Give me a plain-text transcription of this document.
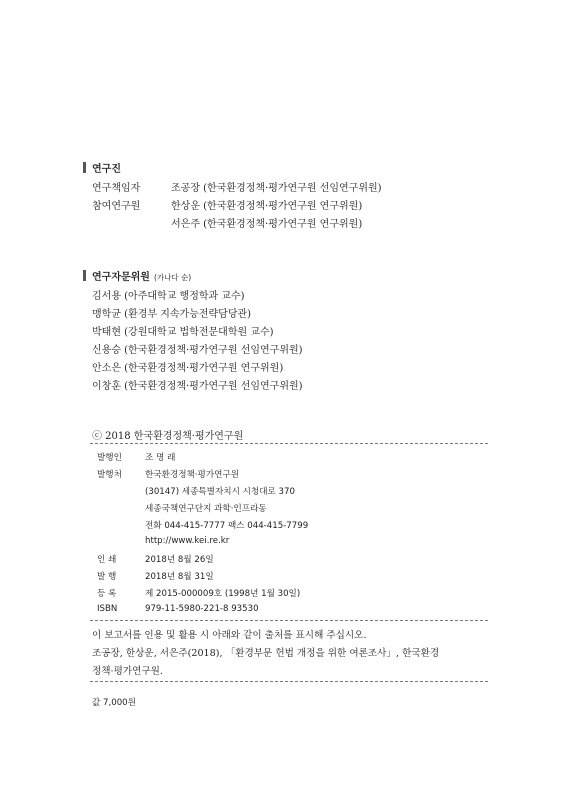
연구진
연구책임자	조공장 (한국환경정책·평가연구원 선임연구위원)
참여연구원	한상운 (한국환경정책·평가연구원 연구위원)
서은주 (한국환경정책·평가연구원 연구위원)
연구자문위원 (가나다 순)
김서용 (아주대학교 행정학과 교수)
맹학균 (환경부 지속가능전략담당관)
박태현 (강원대학교 법학전문대학원 교수)
신용승 (한국환경정책·평가연구원 선임연구위원)
안소은 (한국환경정책·평가연구원 연구위원)
이창훈 (한국환경정책·평가연구원 선임연구위원)
ⓒ 2018 한국환경정책·평가연구원
발행인	조 명 래
발행처	한국환경정책·평가연구원
(30147) 세종특별자치시 시청대로 370
세종국책연구단지 과학·인프라동
전화 044-415-7777 팩스 044-415-7799
http://www.kei.re.kr
인 쇄	2018년 8월 26일
발 행	2018년 8월 31일
등 록	제 2015-000009호 (1998년 1월 30일)
ISBN	979-11-5980-221-8 93530
이 보고서를 인용 및 활용 시 아래와 같이 출처를 표시해 주십시오.
조공장, 한상운, 서은주(2018), 「환경부문 헌법 개정을 위한 여론조사」, 한국환경
정책·평가연구원.
값 7,000원
